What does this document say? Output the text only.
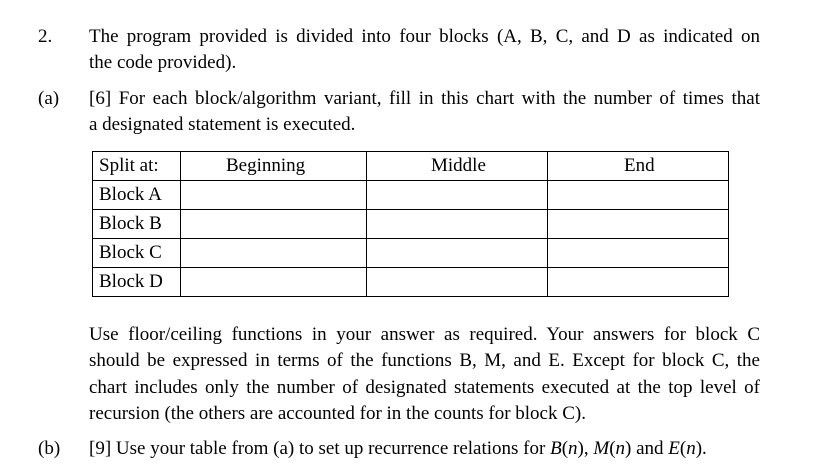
2. The program provided is divided into four blocks (A, B, C, and D as indicated on
the code provided).
(a) [6] For each block/algorithm variant, fill in this chart with the number of times that
a designated statement is executed.
Split at:	Beginning	Middle	End
Block A			
Block B			
Block C			
Block D			
Use floor/ceiling functions in your answer as required. Your answers for block C
should be expressed in terms of the functions B, M, and E. Except for block C, the
chart includes only the number of designated statements executed at the top level of
recursion (the others are accounted for in the counts for block C).
(b) [9] Use your table from (a) to set up recurrence relations for B(n), M(n) and E(n).
